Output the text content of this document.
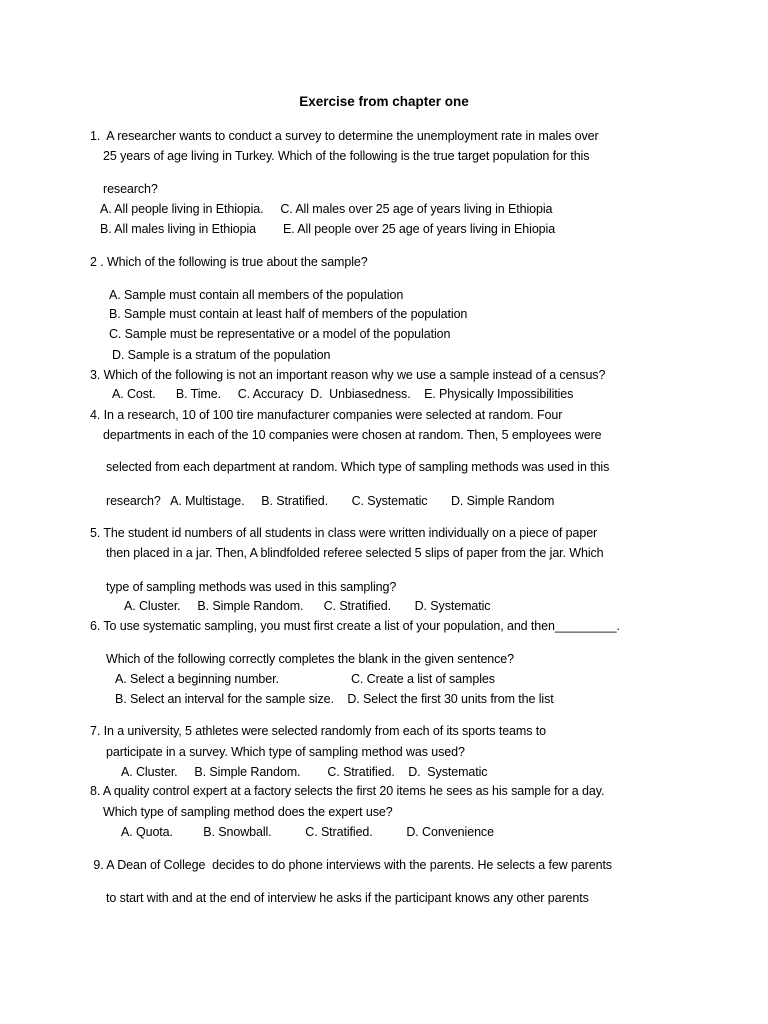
Exercise from chapter one
1.  A researcher wants to conduct a survey to determine the unemployment rate in males over
25 years of age living in Turkey. Which of the following is the true target population for this
research?
A. All people living in Ethiopia.     C. All males over 25 age of years living in Ethiopia
B. All males living in Ethiopia        E. All people over 25 age of years living in Ehiopia
2 . Which of the following is true about the sample?
A. Sample must contain all members of the population
B. Sample must contain at least half of members of the population
C. Sample must be representative or a model of the population
D. Sample is a stratum of the population
3. Which of the following is not an important reason why we use a sample instead of a census?
A. Cost.      B. Time.     C. Accuracy  D.  Unbiasedness.    E. Physically Impossibilities
4. In a research, 10 of 100 tire manufacturer companies were selected at random. Four
departments in each of the 10 companies were chosen at random. Then, 5 employees were
selected from each department at random. Which type of sampling methods was used in this
research?   A. Multistage.     B. Stratified.       C. Systematic       D. Simple Random
5. The student id numbers of all students in class were written individually on a piece of paper
then placed in a jar. Then, A blindfolded referee selected 5 slips of paper from the jar. Which
type of sampling methods was used in this sampling?
A. Cluster.     B. Simple Random.      C. Stratified.       D. Systematic
6. To use systematic sampling, you must first create a list of your population, and then_________.
Which of the following correctly completes the blank in the given sentence?
A. Select a beginning number.	C. Create a list of samples
B. Select an interval for the sample size.    D. Select the first 30 units from the list
7. In a university, 5 athletes were selected randomly from each of its sports teams to
participate in a survey. Which type of sampling method was used?
A. Cluster.     B. Simple Random.        C. Stratified.    D.  Systematic
8. A quality control expert at a factory selects the first 20 items he sees as his sample for a day.
Which type of sampling method does the expert use?
A. Quota.         B. Snowball.          C. Stratified.          D. Convenience
9. A Dean of College  decides to do phone interviews with the parents. He selects a few parents
to start with and at the end of interview he asks if the participant knows any other parents
